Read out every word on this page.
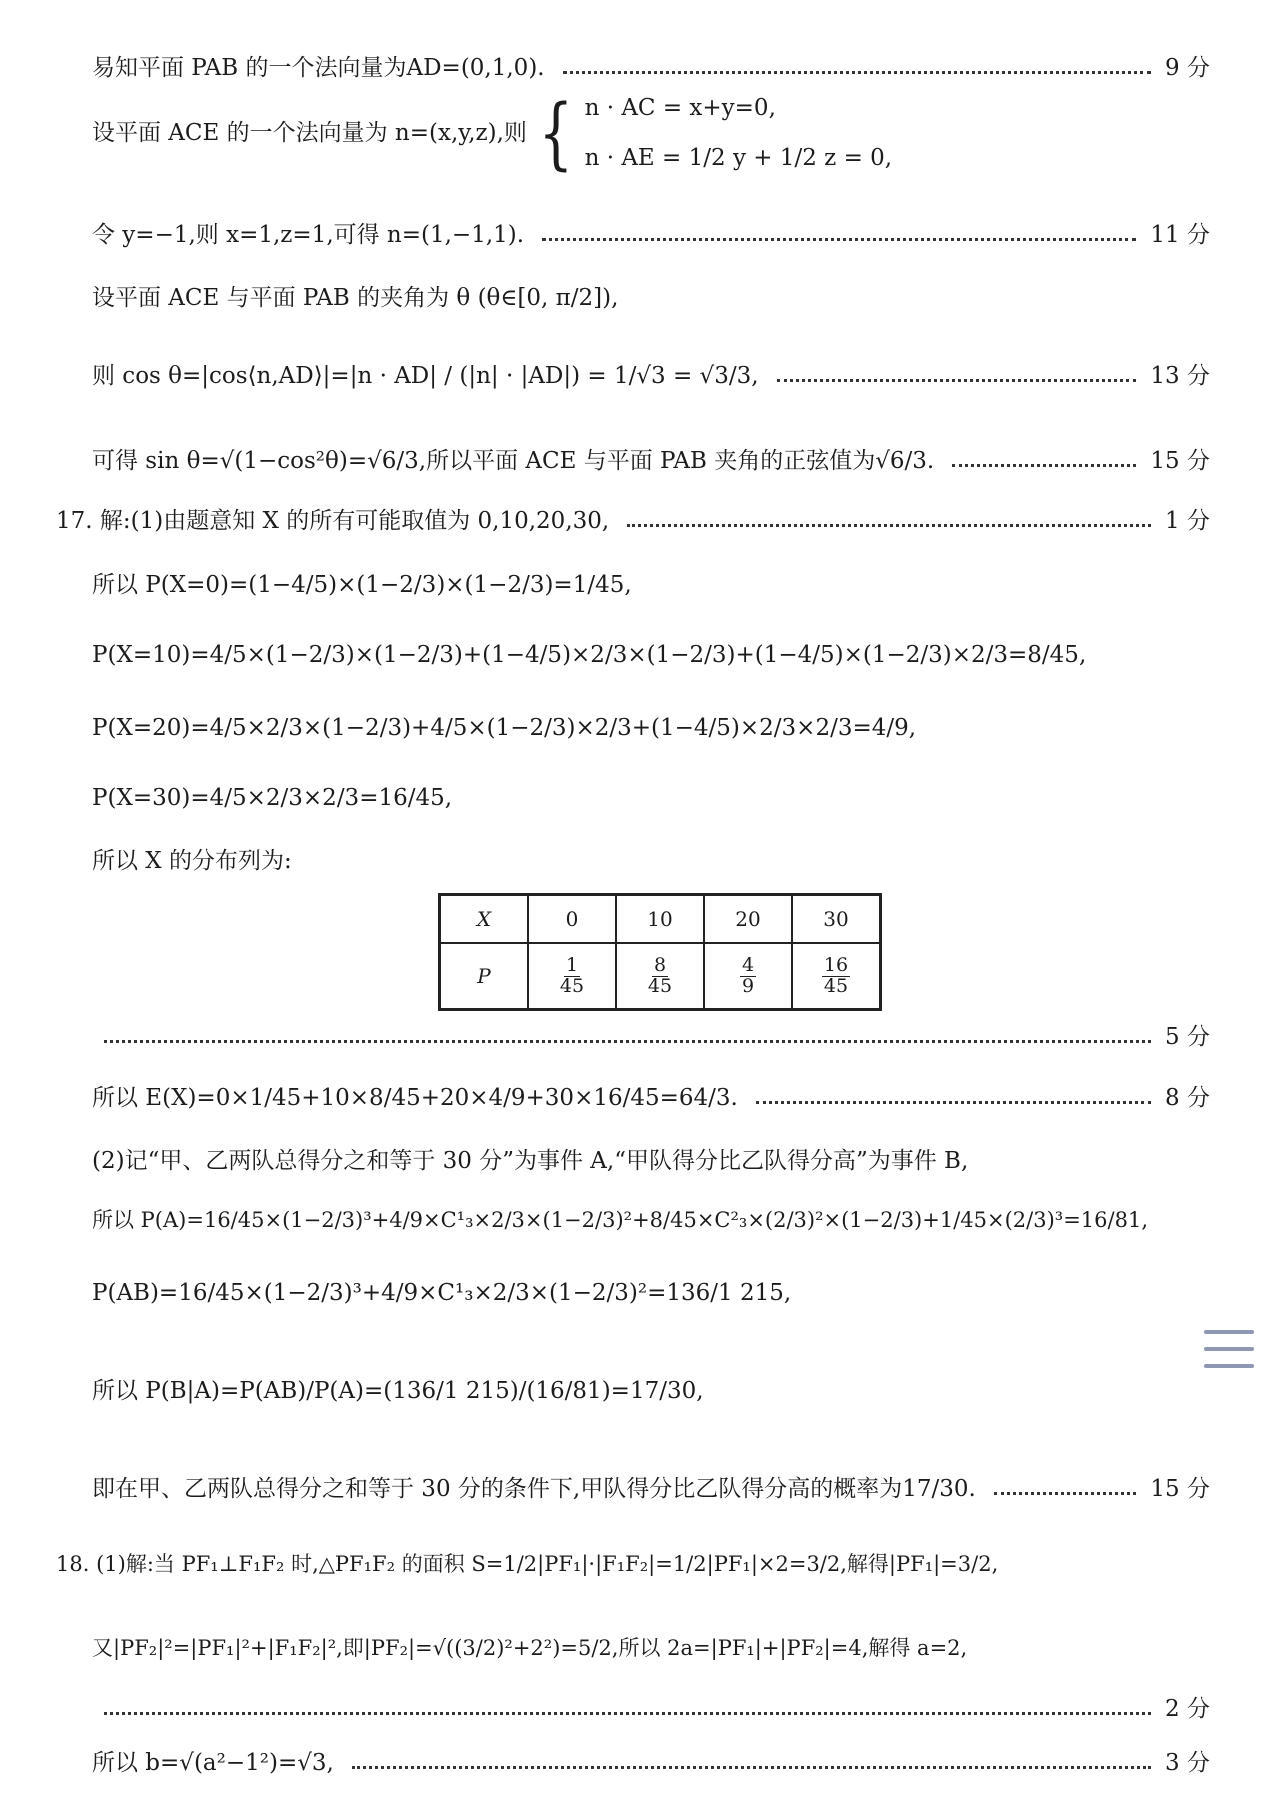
易知平面 PAB 的一个法向量为AD=(0,1,0).	9 分
设平面 ACE 的一个法向量为 n=(x,y,z),则 { n · AC = x+y=0,
n · AE = 1/2 y + 1/2 z = 0,
令 y=−1,则 x=1,z=1,可得 n=(1,−1,1).	11 分
设平面 ACE 与平面 PAB 的夹角为 θ (θ∈[0, π/2]),
则 cos θ=|cos⟨n,AD⟩|=|n · AD| / (|n| · |AD|) = 1/√3 = √3/3,	13 分
可得 sin θ=√(1−cos²θ)=√6/3,所以平面 ACE 与平面 PAB 夹角的正弦值为√6/3.	15 分
17. 解:(1)由题意知 X 的所有可能取值为 0,10,20,30,	1 分
所以 P(X=0)=(1−4/5)×(1−2/3)×(1−2/3)=1/45,
P(X=10)=4/5×(1−2/3)×(1−2/3)+(1−4/5)×2/3×(1−2/3)+(1−4/5)×(1−2/3)×2/3=8/45,
P(X=20)=4/5×2/3×(1−2/3)+4/5×(1−2/3)×2/3+(1−4/5)×2/3×2/3=4/9,
P(X=30)=4/5×2/3×2/3=16/45,
所以 X 的分布列为:
X	0	10	20	30
P	$\frac{1}{45}$	$\frac{8}{45}$	$\frac{4}{9}$	$\frac{16}{45}$
5 分
所以 E(X)=0×1/45+10×8/45+20×4/9+30×16/45=64/3.	8 分
(2)记“甲、乙两队总得分之和等于 30 分”为事件 A,“甲队得分比乙队得分高”为事件 B,
所以 P(A)=16/45×(1−2/3)³+4/9×C¹₃×2/3×(1−2/3)²+8/45×C²₃×(2/3)²×(1−2/3)+1/45×(2/3)³=16/81,
P(AB)=16/45×(1−2/3)³+4/9×C¹₃×2/3×(1−2/3)²=136/1 215,
所以 P(B|A)=P(AB)/P(A)=(136/1 215)/(16/81)=17/30,
即在甲、乙两队总得分之和等于 30 分的条件下,甲队得分比乙队得分高的概率为17/30.	15 分
18. (1)解:当 PF₁⊥F₁F₂ 时,△PF₁F₂ 的面积 S=1/2|PF₁|·|F₁F₂|=1/2|PF₁|×2=3/2,解得|PF₁|=3/2,
又|PF₂|²=|PF₁|²+|F₁F₂|²,即|PF₂|=√((3/2)²+2²)=5/2,所以 2a=|PF₁|+|PF₂|=4,解得 a=2,
2 分
所以 b=√(a²−1²)=√3,	3 分
